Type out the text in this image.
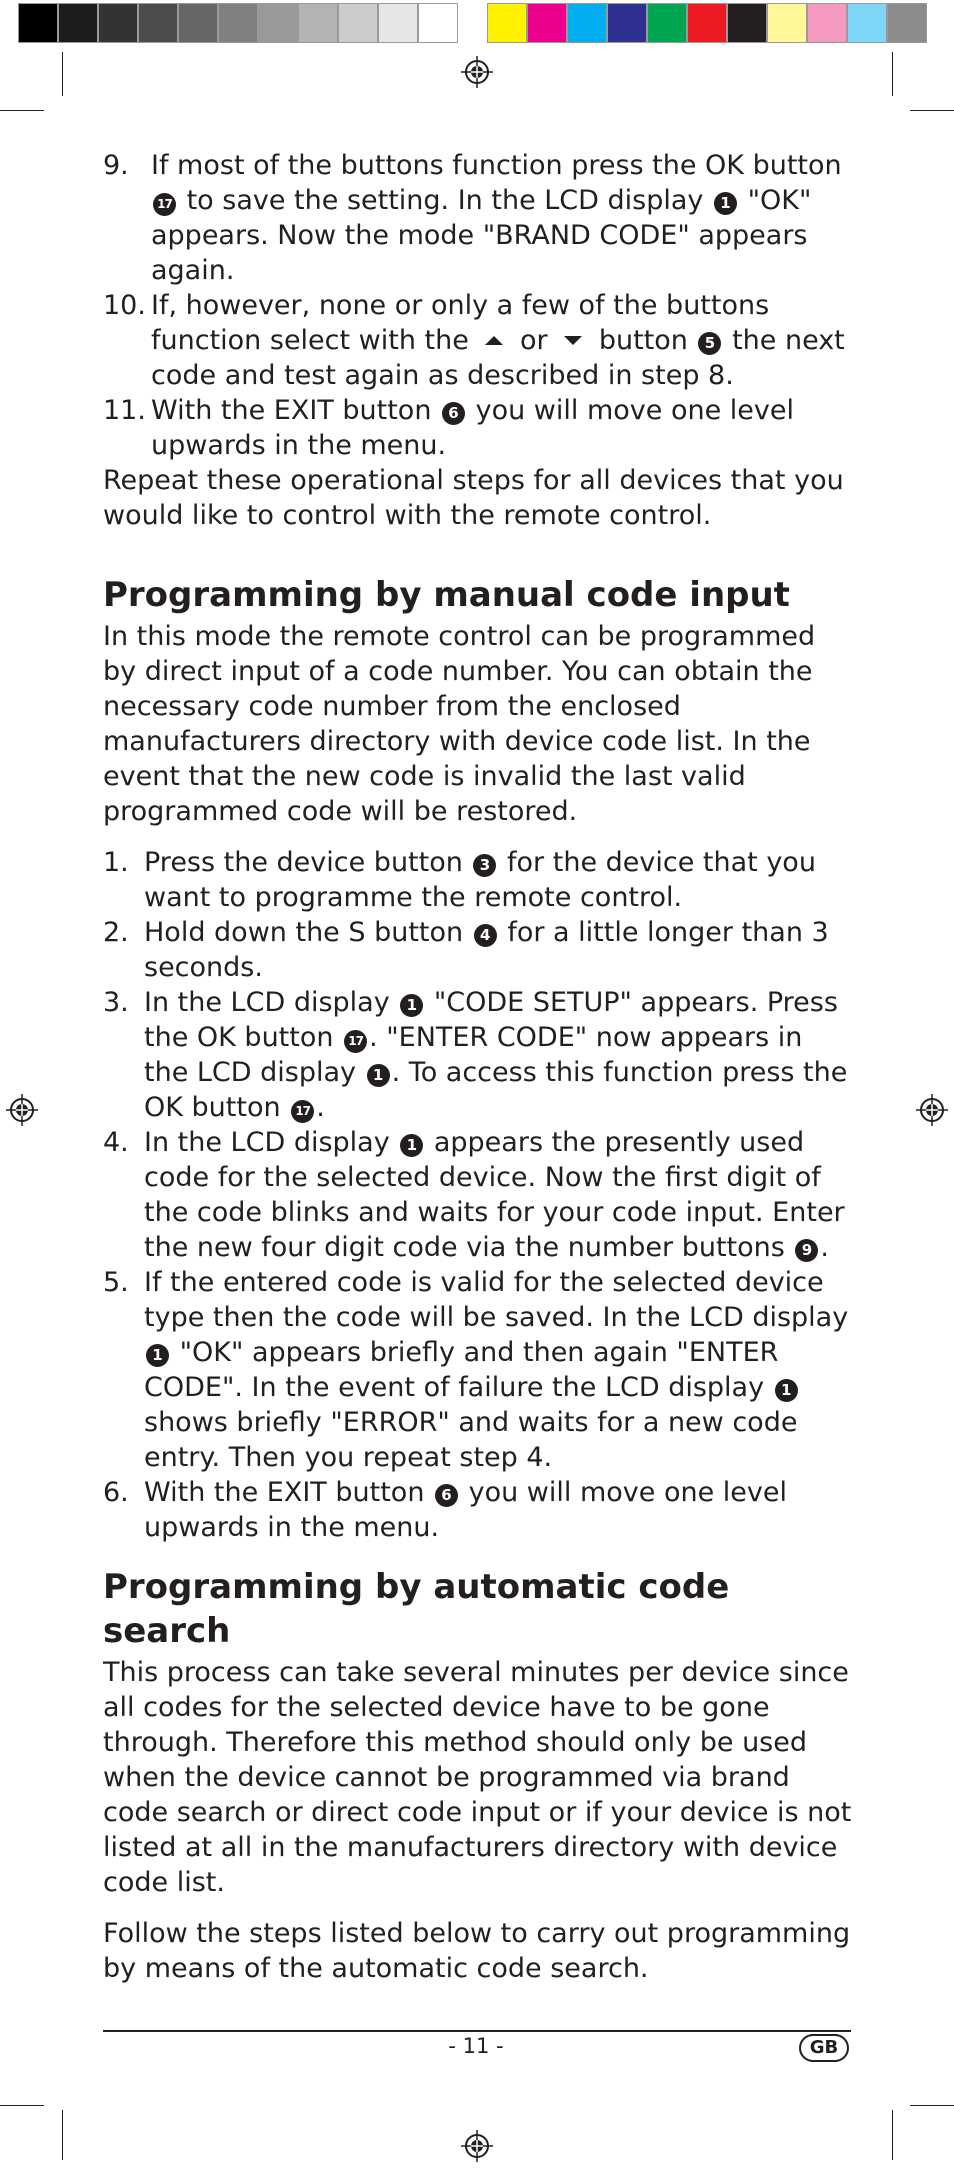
9. If most of the buttons function press the OK button 17 to save the setting. In the LCD display 1 "OK" appears. Now the mode "BRAND CODE" appears again.
10. If, however, none or only a few of the buttons function select with the  or  button 5 the next code and test again as described in step 8.
11. With the EXIT button 6 you will move one level upwards in the menu.

Repeat these operational steps for all devices that you would like to control with the remote control.

Programming by manual code input

In this mode the remote control can be programmed by direct input of a code number. You can obtain the necessary code number from the enclosed manufacturers directory with device code list. In the event that the new code is invalid the last valid programmed code will be restored.

1. Press the device button 3 for the device that you want to programme the remote control.
2. Hold down the S button 4 for a little longer than 3 seconds.
3. In the LCD display 1 "CODE SETUP" appears. Press the OK button 17 . "ENTER CODE" now appears in the LCD display 1 . To access this function press the OK button 17 .
4. In the LCD display 1 appears the presently used code for the selected device. Now the first digit of the code blinks and waits for your code input. Enter the new four digit code via the number buttons 9 .
5. If the entered code is valid for the selected device type then the code will be saved. In the LCD display 1 "OK" appears briefly and then again "ENTER CODE". In the event of failure the LCD display 1 shows briefly "ERROR" and waits for a new code entry. Then you repeat step 4.
6. With the EXIT button 6 you will move one level upwards in the menu.
Programming by automatic code search

This process can take several minutes per device since all codes for the selected device have to be gone through. Therefore this method should only be used when the device cannot be programmed via brand code search or direct code input or if your device is not listed at all in the manufacturers directory with device code list.

Follow the steps listed below to carry out programming by means of the automatic code search.

- 11 -	GB
